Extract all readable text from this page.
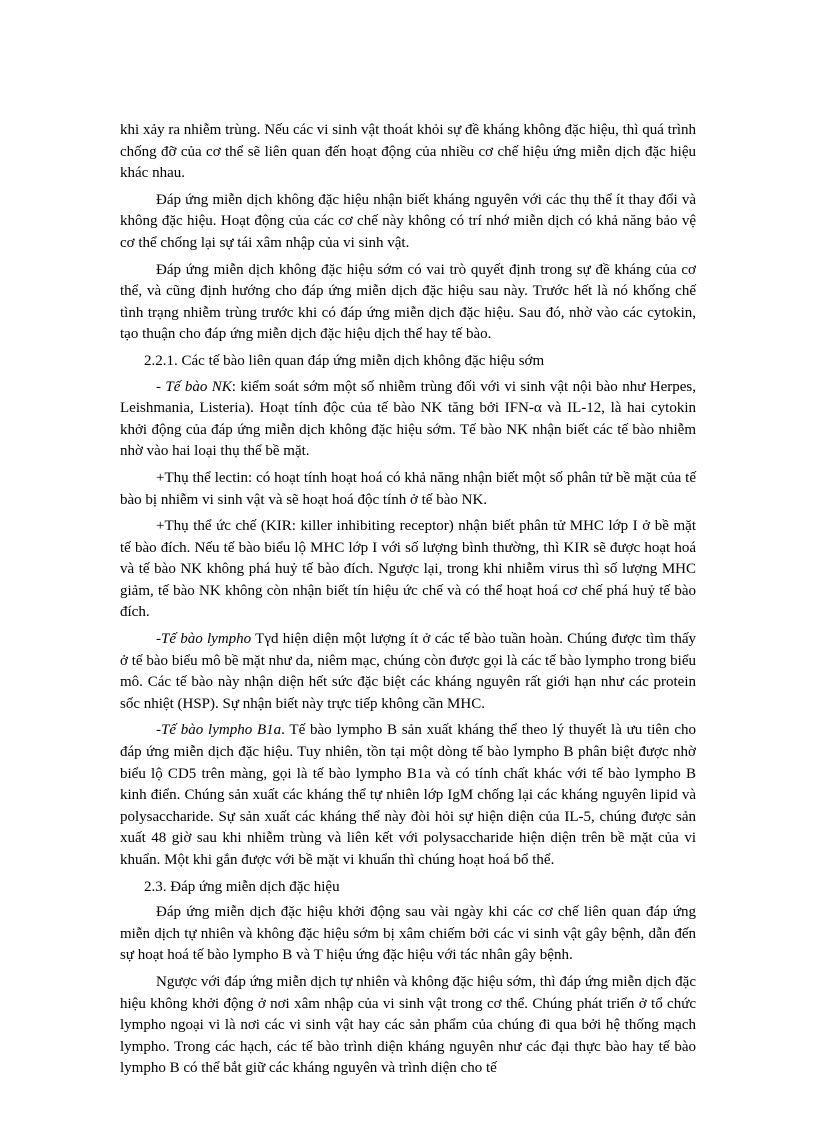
khi xảy ra nhiễm trùng. Nếu các vi sinh vật thoát khỏi sự đề kháng không đặc hiệu, thì quá trình chống đỡ của cơ thể sẽ liên quan đến hoạt động của nhiều cơ chế hiệu ứng miễn dịch đặc hiệu khác nhau.

Đáp ứng miễn dịch không đặc hiệu nhận biết kháng nguyên với các thụ thể ít thay đổi và không đặc hiệu. Hoạt động của các cơ chế này không có trí nhớ miễn dịch có khả năng bảo vệ cơ thể chống lại sự tái xâm nhập của vi sinh vật.

Đáp ứng miễn dịch không đặc hiệu sớm có vai trò quyết định trong sự đề kháng của cơ thể, và cũng định hướng cho đáp ứng miễn dịch đặc hiệu sau này. Trước hết là nó khống chế tình trạng nhiễm trùng trước khi có đáp ứng miễn dịch đặc hiệu. Sau đó, nhờ vào các cytokin, tạo thuận cho đáp ứng miễn dịch đặc hiệu dịch thể hay tế bào.

2.2.1. Các tế bào liên quan đáp ứng miễn dịch không đặc hiệu sớm

- Tế bào NK: kiểm soát sớm một số nhiễm trùng đối với vi sinh vật nội bào như Herpes, Leishmania, Listeria). Hoạt tính độc của tế bào NK tăng bởi IFN-α và IL-12, là hai cytokin khởi động của đáp ứng miễn dịch không đặc hiệu sớm. Tế bào NK nhận biết các tế bào nhiễm nhờ vào hai loại thụ thể bề mặt.

+Thụ thể lectin: có hoạt tính hoạt hoá có khả năng nhận biết một số phân tử bề mặt của tế bào bị nhiễm vi sinh vật và sẽ hoạt hoá độc tính ở tế bào NK.

+Thụ thể ức chế (KIR: killer inhibiting receptor) nhận biết phân tử MHC lớp I ở bề mặt tế bào đích. Nếu tế bào biểu lộ MHC lớp I với số lượng bình thường, thì KIR sẽ được hoạt hoá và tế bào NK không phá huỷ tế bào đích. Ngược lại, trong khi nhiễm virus thì số lượng MHC giảm, tế bào NK không còn nhận biết tín hiệu ức chế và có thể hoạt hoá cơ chế phá huỷ tế bào đích.

-Tế bào lympho Tγd hiện diện một lượng ít ở các tế bào tuần hoàn. Chúng được tìm thấy ở tế bào biểu mô bề mặt như da, niêm mạc, chúng còn được gọi là các tế bào lympho trong biểu mô. Các tế bào này nhận diện hết sức đặc biệt các kháng nguyên rất giới hạn như các protein sốc nhiệt (HSP). Sự nhận biết này trực tiếp không cần MHC.

-Tế bào lympho B1a. Tế bào lympho B sản xuất kháng thể theo lý thuyết là ưu tiên cho đáp ứng miễn dịch đặc hiệu. Tuy nhiên, tồn tại một dòng tế bào lympho B phân biệt được nhờ biểu lộ CD5 trên màng, gọi là tế bào lympho B1a và có tính chất khác với tế bào lympho B kinh điển. Chúng sản xuất các kháng thể tự nhiên lớp IgM chống lại các kháng nguyên lipid và polysaccharide. Sự sản xuất các kháng thể này đòi hỏi sự hiện diện của IL-5, chúng được sản xuất 48 giờ sau khi nhiễm trùng và liên kết với polysaccharide hiện diện trên bề mặt của vi khuẩn. Một khi gắn được với bề mặt vi khuẩn thì chúng hoạt hoá bổ thể.

2.3. Đáp ứng miễn dịch đặc hiệu

Đáp ứng miễn dịch đặc hiệu khởi động sau vài ngày khi các cơ chế liên quan đáp ứng miễn dịch tự nhiên và không đặc hiệu sớm bị xâm chiếm bởi các vi sinh vật gây bệnh, dẫn đến sự hoạt hoá tế bào lympho B và T hiệu ứng đặc hiệu với tác nhân gây bệnh.

Ngược với đáp ứng miễn dịch tự nhiên và không đặc hiệu sớm, thì đáp ứng miễn dịch đặc hiệu không khởi động ở nơi xâm nhập của vi sinh vật trong cơ thể. Chúng phát triển ở tổ chức lympho ngoại vi là nơi các vi sinh vật hay các sản phẩm của chúng đi qua bởi hệ thống mạch lympho. Trong các hạch, các tế bào trình diện kháng nguyên như các đại thực bào hay tế bào lympho B có thể bắt giữ các kháng nguyên và trình diện cho tế
